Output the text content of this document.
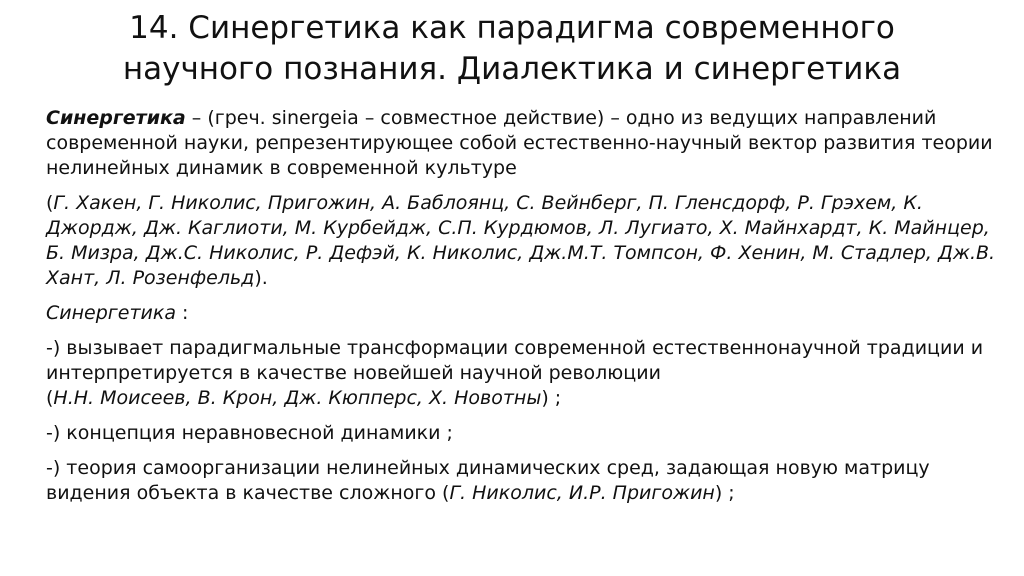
14. Синергетика как парадигма современного
научного познания. Диалектика и синергетика

Синергетика – (греч. sinergeia – совместное действие) – одно из ведущих направлений современной науки, репрезентирующее собой естественно-научный вектор развития теории нелинейных динамик в современной культуре

(Г. Хакен, Г. Николис, Пригожин, А. Баблоянц, С. Вейнберг, П. Гленсдорф, Р. Грэхем, К. Джордж, Дж. Каглиоти, М. Курбейдж, С.П. Курдюмов, Л. Лугиато, Х. Майнхардт, К. Майнцер, Б. Мизра, Дж.С. Николис, Р. Дефэй, К. Николис, Дж.М.Т. Томпсон, Ф. Хенин, М. Стадлер, Дж.В. Хант, Л. Розенфельд).

Синергетика :

-) вызывает парадигмальные трансформации современной естественнонаучной традиции и интерпретируется в качестве новейшей научной революции
(Н.Н. Моисеев, В. Крон, Дж. Кюпперс, Х. Новотны) ;

-) концепция неравновесной динамики ;

-) теория самоорганизации нелинейных динамических сред, задающая новую матрицу видения объекта в качестве сложного (Г. Николис, И.Р. Пригожин) ;
